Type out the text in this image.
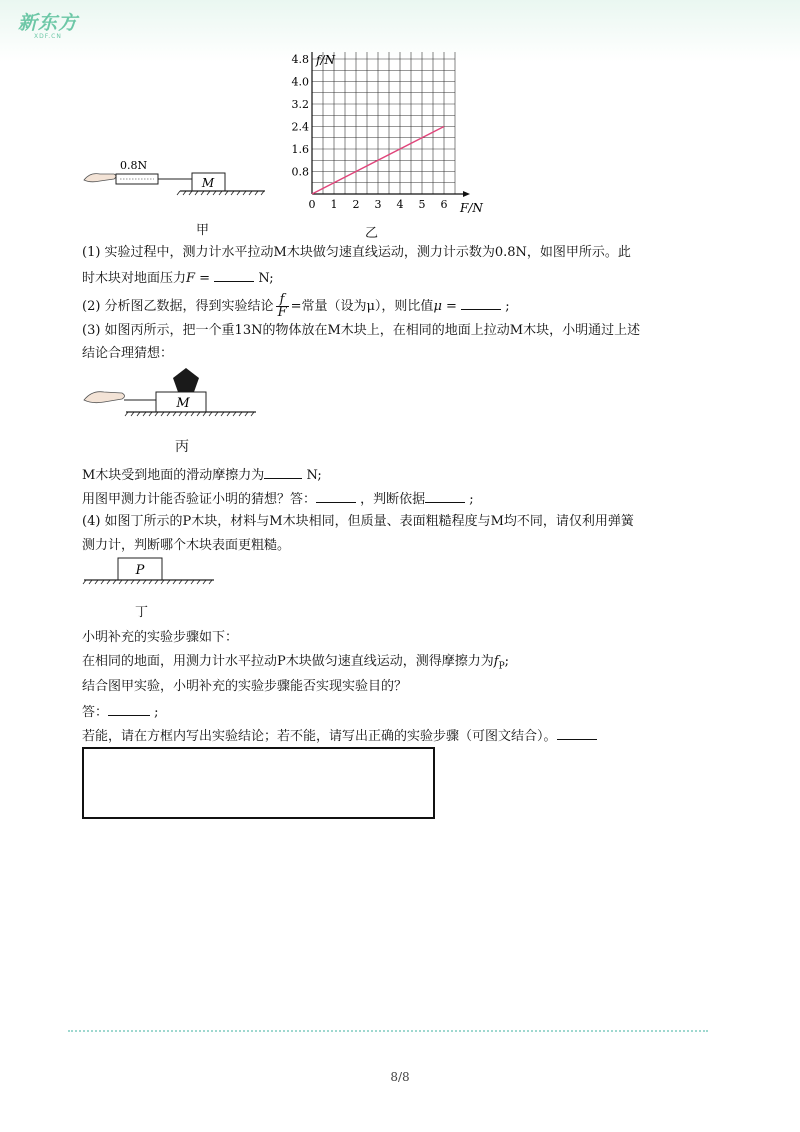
新东方
XDF.CN
M
0.8N
甲
0 1 2 3 4 5 6
0.8
1.6
2.4
3.2
4.0
4.8 f/N
F/N
乙
(1) 实验过程中，测力计水平拉动M木块做匀速直线运动，测力计示数为0.8N，如图甲所示。此
时木块对地面压力F =	N;
(2) 分析图乙数据，得到实验结论 $\frac{f}{F}$ =常量（设为μ），则比值μ =	;
(3) 如图丙所示，把一个重13N的物体放在M木块上，在相同的地面上拉动M木块，小明通过上述
结论合理猜想：
M
丙
M木块受到地面的滑动摩擦力为	N;
用图甲测力计能否验证小明的猜想？答：	，判断依据	;
(4) 如图丁所示的P木块，材料与M木块相同，但质量、表面粗糙程度与M均不同，请仅利用弹簧
测力计，判断哪个木块表面更粗糙。
P
丁
小明补充的实验步骤如下：
在相同的地面，用测力计水平拉动P木块做匀速直线运动，测得摩擦力为$f_P$;
结合图甲实验，小明补充的实验步骤能否实现实验目的？
答：	;
若能，请在方框内写出实验结论；若不能，请写出正确的实验步骤（可图文结合）。
8/8
